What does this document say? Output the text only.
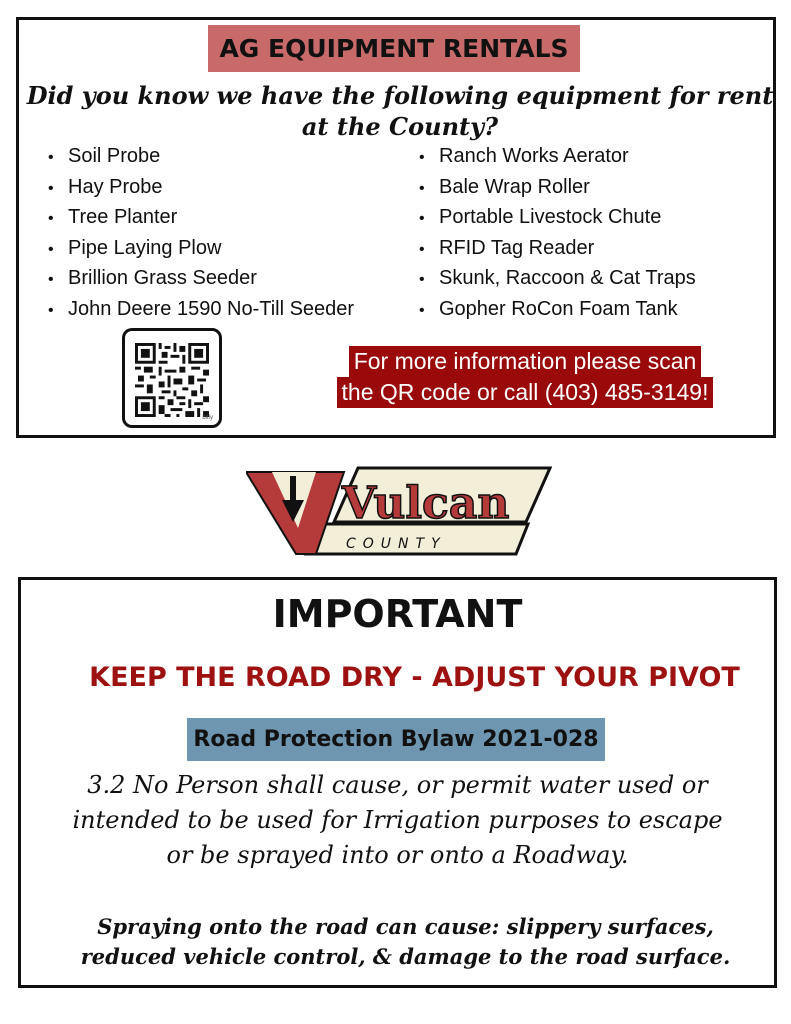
AG EQUIPMENT RENTALS
Did you know we have the following equipment for rent
at the County?
• Soil Probe
• Hay Probe
• Tree Planter
• Pipe Laying Plow
• Brillion Grass Seeder
• John Deere 1590 No-Till Seeder
• Ranch Works Aerator
• Bale Wrap Roller
• Portable Livestock Chute
• RFID Tag Reader
• Skunk, Raccoon & Cat Traps
• Gopher RoCon Foam Tank
bitly
For more information please scan
the QR code or call (403) 485-3149!
Vulcan
COUNTY
IMPORTANT
KEEP THE ROAD DRY - ADJUST YOUR PIVOT
Road Protection Bylaw 2021-028
3.2 No Person shall cause, or permit water used or
intended to be used for Irrigation purposes to escape
or be sprayed into or onto a Roadway.
Spraying onto the road can cause: slippery surfaces,
reduced vehicle control, & damage to the road surface.
